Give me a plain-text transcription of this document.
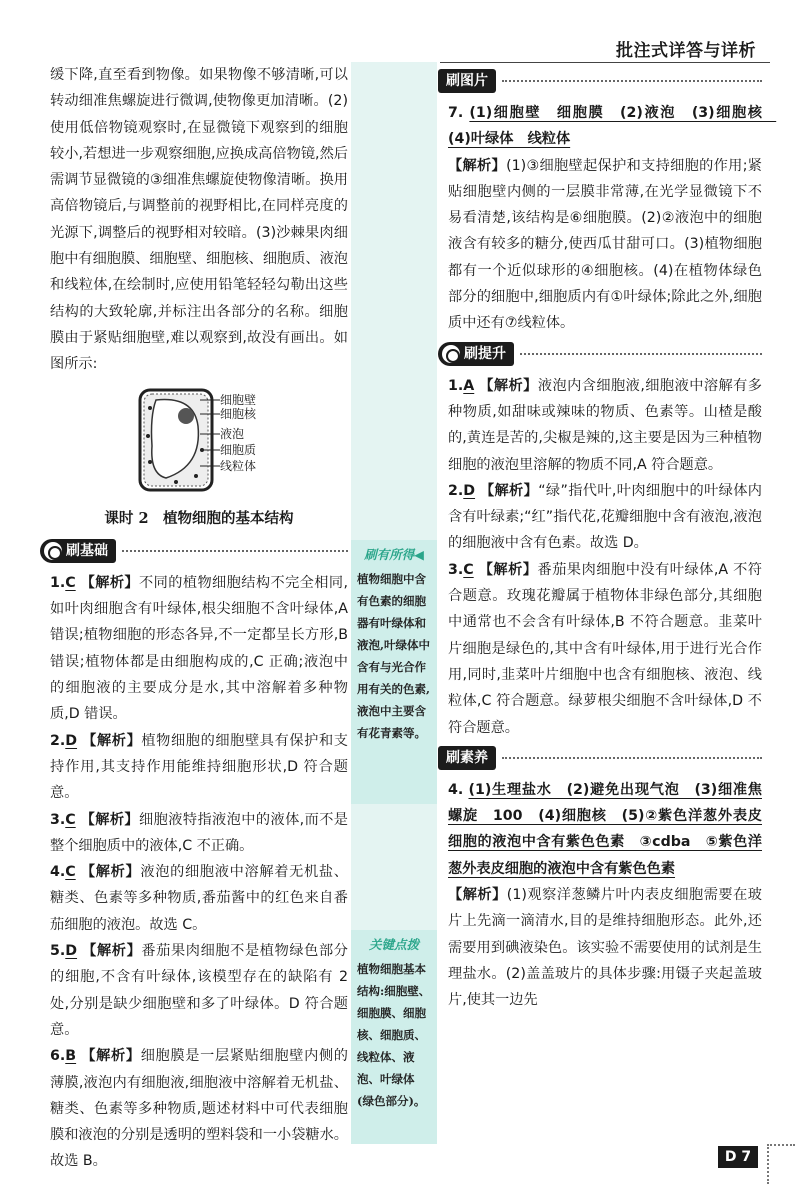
批注式详答与详析
刷有所得◀
植物细胞中含有色素的细胞器有叶绿体和液泡,叶绿体中含有与光合作用有关的色素,液泡中主要含有花青素等。
关键点拨
植物细胞基本结构:细胞壁、细胞膜、细胞核、细胞质、线粒体、液泡、叶绿体(绿色部分)。

缓下降,直至看到物像。如果物像不够清晰,可以转动细准焦螺旋进行微调,使物像更加清晰。(2)使用低倍物镜观察时,在显微镜下观察到的细胞较小,若想进一步观察细胞,应换成高倍物镜,然后需调节显微镜的③细准焦螺旋使物像清晰。换用高倍物镜后,与调整前的视野相比,在同样亮度的光源下,调整后的视野相对较暗。(3)沙棘果肉细胞中有细胞膜、细胞壁、细胞核、细胞质、液泡和线粒体,在绘制时,应使用铅笔轻轻勾勒出这些结构的大致轮廓,并标注出各部分的名称。细胞膜由于紧贴细胞壁,难以观察到,故没有画出。如图所示:

细胞壁
细胞核
液泡
细胞质
线粒体
课时 2　植物细胞的基本结构
刷基础

1.C 【解析】不同的植物细胞结构不完全相同,如叶肉细胞含有叶绿体,根尖细胞不含叶绿体,A 错误;植物细胞的形态各异,不一定都呈长方形,B 错误;植物体都是由细胞构成的,C 正确;液泡中的细胞液的主要成分是水,其中溶解着多种物质,D 错误。

2.D 【解析】植物细胞的细胞壁具有保护和支持作用,其支持作用能维持细胞形状,D 符合题意。

3.C 【解析】细胞液特指液泡中的液体,而不是整个细胞质中的液体,C 不正确。

4.C 【解析】液泡的细胞液中溶解着无机盐、糖类、色素等多种物质,番茄酱中的红色来自番茄细胞的液泡。故选 C。

5.D 【解析】番茄果肉细胞不是植物绿色部分的细胞,不含有叶绿体,该模型存在的缺陷有 2 处,分别是缺少细胞壁和多了叶绿体。D 符合题意。

6.B 【解析】细胞膜是一层紧贴细胞壁内侧的薄膜,液泡内有细胞液,细胞液中溶解着无机盐、糖类、色素等多种物质,题述材料中可代表细胞膜和液泡的分别是透明的塑料袋和一小袋糖水。故选 B。

刷图片

7. (1)细胞壁　细胞膜　(2)液泡　(3)细胞核　(4)叶绿体　线粒体

【解析】(1)③细胞壁起保护和支持细胞的作用;紧贴细胞壁内侧的一层膜非常薄,在光学显微镜下不易看清楚,该结构是⑥细胞膜。(2)②液泡中的细胞液含有较多的糖分,使西瓜甘甜可口。(3)植物细胞都有一个近似球形的④细胞核。(4)在植物体绿色部分的细胞中,细胞质内有①叶绿体;除此之外,细胞质中还有⑦线粒体。

刷提升

1.A 【解析】液泡内含细胞液,细胞液中溶解有多种物质,如甜味或辣味的物质、色素等。山楂是酸的,黄连是苦的,尖椒是辣的,这主要是因为三种植物细胞的液泡里溶解的物质不同,A 符合题意。

2.D 【解析】“绿”指代叶,叶肉细胞中的叶绿体内含有叶绿素;“红”指代花,花瓣细胞中含有液泡,液泡的细胞液中含有色素。故选 D。

3.C 【解析】番茄果肉细胞中没有叶绿体,A 不符合题意。玫瑰花瓣属于植物体非绿色部分,其细胞中通常也不会含有叶绿体,B 不符合题意。韭菜叶片细胞是绿色的,其中含有叶绿体,用于进行光合作用,同时,韭菜叶片细胞中也含有细胞核、液泡、线粒体,C 符合题意。绿萝根尖细胞不含叶绿体,D 不符合题意。

刷素养

4. (1)生理盐水　(2)避免出现气泡　(3)细准焦螺旋　100　(4)细胞核　(5)②紫色洋葱外表皮细胞的液泡中含有紫色色素　③cdba　⑤紫色洋葱外表皮细胞的液泡中含有紫色色素

【解析】(1)观察洋葱鳞片叶内表皮细胞需要在玻片上先滴一滴清水,目的是维持细胞形态。此外,还需要用到碘液染色。该实验不需要使用的试剂是生理盐水。(2)盖盖玻片的具体步骤:用镊子夹起盖玻片,使其一边先

D 7
